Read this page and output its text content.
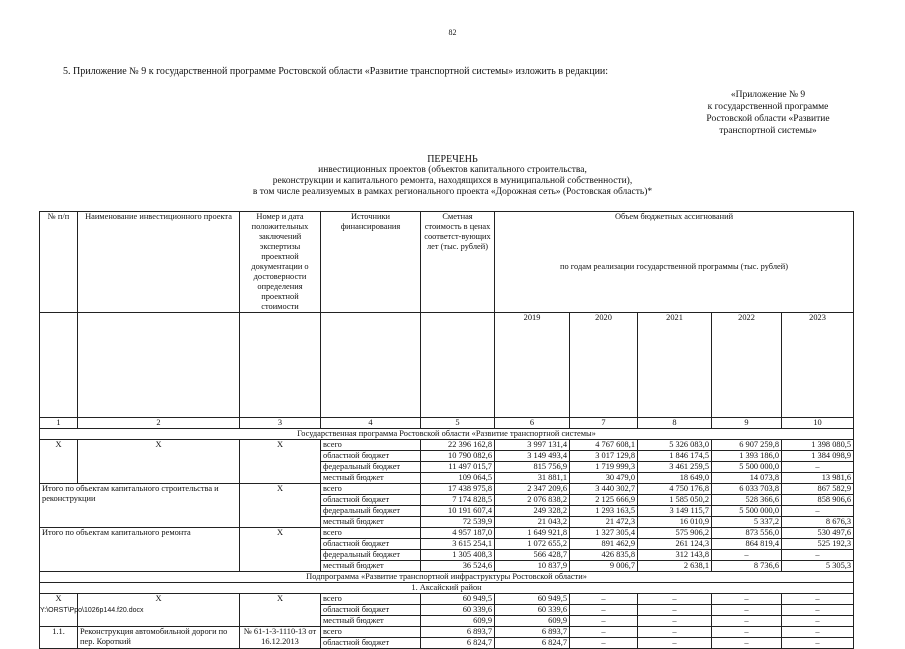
82
5. Приложение № 9 к государственной программе Ростовской области «Развитие транспортной системы» изложить в редакции:
«Приложение № 9
к государственной программе
Ростовской области «Развитие
транспортной системы»
ПЕРЕЧЕНЬ
инвестиционных проектов (объектов капитального строительства,
реконструкции и капитального ремонта, находящихся в муниципальной собственности),
в том числе реализуемых в рамках регионального проекта «Дорожная сеть» (Ростовская область)*
№ п/п	Наименование инвестиционного проекта	Номер и дата положительных заключений экспертизы проектной документации о достоверности определения проектной стоимости	Источники финансирования	Сметная стоимость в ценах соответст-вующих лет (тыс. рублей)	Объем бюджетных ассигнований				
					по годам реализации государственной программы (тыс. рублей)				
					2019	2020	2021	2022	2023
1	2	3	4	5	6	7	8	9	10
Государственная программа Ростовской области «Развитие транспортной системы»									
Х	Х	Х	всего	22 396 162,8	3 997 131,4	4 767 608,1	5 326 083,0	6 907 259,8	1 398 080,5
			областной бюджет	10 790 082,6	3 149 493,4	3 017 129,8	1 846 174,5	1 393 186,0	1 384 098,9
			федеральный бюджет	11 497 015,7	815 756,9	1 719 999,3	3 461 259,5	5 500 000,0	–
			местный бюджет	109 064,5	31 881,1	30 479,0	18 649,0	14 073,8	13 981,6
Итого по объектам капитального строительства и реконструкции		Х	всего	17 438 975,8	2 347 209,6	3 440 302,7	4 750 176,8	6 033 703,8	867 582,9
			областной бюджет	7 174 828,5	2 076 838,2	2 125 666,9	1 585 050,2	528 366,6	858 906,6
			федеральный бюджет	10 191 607,4	249 328,2	1 293 163,5	3 149 115,7	5 500 000,0	–
			местный бюджет	72 539,9	21 043,2	21 472,3	16 010,9	5 337,2	8 676,3
Итого по объектам капитального ремонта		Х	всего	4 957 187,0	1 649 921,8	1 327 305,4	575 906,2	873 556,0	530 497,6
			областной бюджет	3 615 254,1	1 072 655,2	891 462,9	261 124,3	864 819,4	525 192,3
			федеральный бюджет	1 305 408,3	566 428,7	426 835,8	312 143,8	–	–
			местный бюджет	36 524,6	10 837,9	9 006,7	2 638,1	8 736,6	5 305,3
Подпрограмма «Развитие транспортной инфраструктуры Ростовской области»									
1. Аксайский район									
Х	Х	Х	всего	60 949,5	60 949,5	–	–	–	–
			областной бюджет	60 339,6	60 339,6	–	–	–	–
			местный бюджет	609,9	609,9	–	–	–	–
1.1.	Реконструкция автомобильной дороги по пер. Короткий	№ 61-1-3-1110-13 от 16.12.2013	всего	6 893,7	6 893,7	–	–	–	–
			областной бюджет	6 824,7	6 824,7	–	–	–	–
Y:\ORST\Ppo\1026p144.f20.docx
